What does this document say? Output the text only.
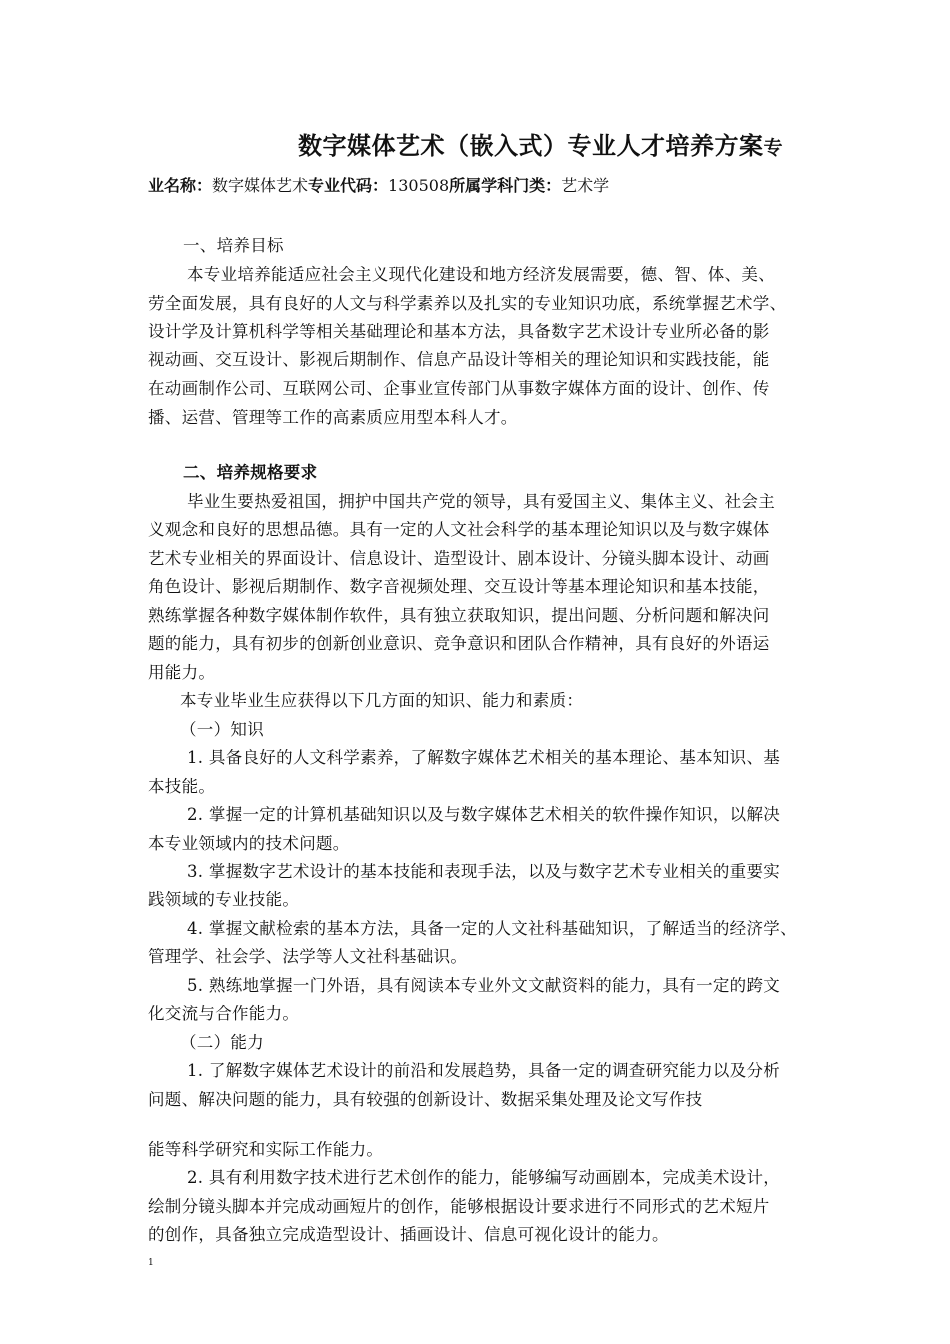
数字媒体艺术（嵌入式）专业人才培养方案专
业名称：数字媒体艺术专业代码：130508所属学科门类：艺术学
一、培养目标
本专业培养能适应社会主义现代化建设和地方经济发展需要，德、智、体、美、
劳全面发展，具有良好的人文与科学素养以及扎实的专业知识功底，系统掌握艺术学、
设计学及计算机科学等相关基础理论和基本方法，具备数字艺术设计专业所必备的影
视动画、交互设计、影视后期制作、信息产品设计等相关的理论知识和实践技能，能
在动画制作公司、互联网公司、企事业宣传部门从事数字媒体方面的设计、创作、传
播、运营、管理等工作的高素质应用型本科人才。
二、培养规格要求
毕业生要热爱祖国，拥护中国共产党的领导，具有爱国主义、集体主义、社会主
义观念和良好的思想品德。具有一定的人文社会科学的基本理论知识以及与数字媒体
艺术专业相关的界面设计、信息设计、造型设计、剧本设计、分镜头脚本设计、动画
角色设计、影视后期制作、数字音视频处理、交互设计等基本理论知识和基本技能，
熟练掌握各种数字媒体制作软件，具有独立获取知识，提出问题、分析问题和解决问
题的能力，具有初步的创新创业意识、竞争意识和团队合作精神，具有良好的外语运
用能力。
本专业毕业生应获得以下几方面的知识、能力和素质：
（一）知识
1. 具备良好的人文科学素养，了解数字媒体艺术相关的基本理论、基本知识、基
本技能。
2. 掌握一定的计算机基础知识以及与数字媒体艺术相关的软件操作知识，以解决
本专业领域内的技术问题。
3. 掌握数字艺术设计的基本技能和表现手法，以及与数字艺术专业相关的重要实
践领域的专业技能。
4. 掌握文献检索的基本方法，具备一定的人文社科基础知识，了解适当的经济学、
管理学、社会学、法学等人文社科基础识。
5. 熟练地掌握一门外语，具有阅读本专业外文文献资料的能力，具有一定的跨文
化交流与合作能力。
（二）能力
1. 了解数字媒体艺术设计的前沿和发展趋势，具备一定的调查研究能力以及分析
问题、解决问题的能力，具有较强的创新设计、数据采集处理及论文写作技
能等科学研究和实际工作能力。
2. 具有利用数字技术进行艺术创作的能力，能够编写动画剧本，完成美术设计，
绘制分镜头脚本并完成动画短片的创作，能够根据设计要求进行不同形式的艺术短片
的创作，具备独立完成造型设计、插画设计、信息可视化设计的能力。
1
